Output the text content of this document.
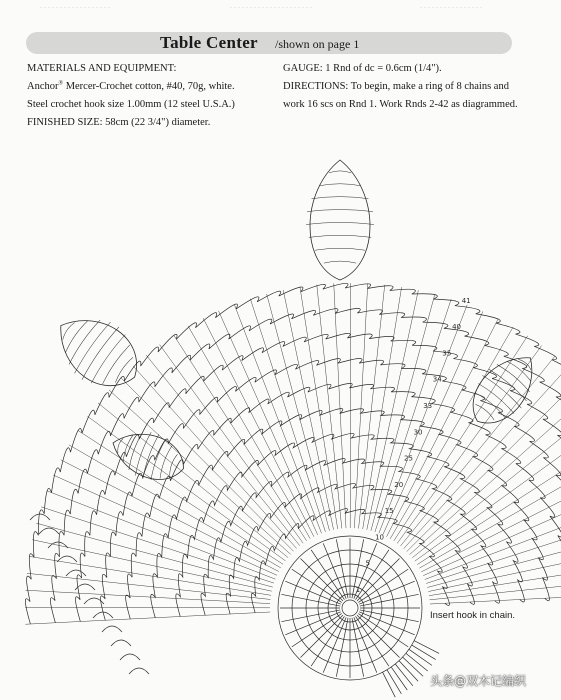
. . . . . . . . . . . . . . . . . .	. . . . . . . . . . . . . . . . . . . . .	. . . . . . . . . . . . . . . .
Table Center /shown on page 1

MATERIALS AND EQUIPMENT:

Anchor® Mercer-Crochet cotton, #40, 70g, white.

Steel crochet hook size 1.00mm (12 steel U.S.A.)

FINISHED SIZE: 58cm (22 3/4") diameter.

GAUGE: 1 Rnd of dc = 0.6cm (1/4").

DIRECTIONS: To begin, make a ring of 8 chains and work 16 scs on Rnd 1. Work Rnds 2-42 as diagrammed.

41
40
35
34
33
30
25
20
15
10
5
1
Insert hook in chain.
头条@双木记编织
